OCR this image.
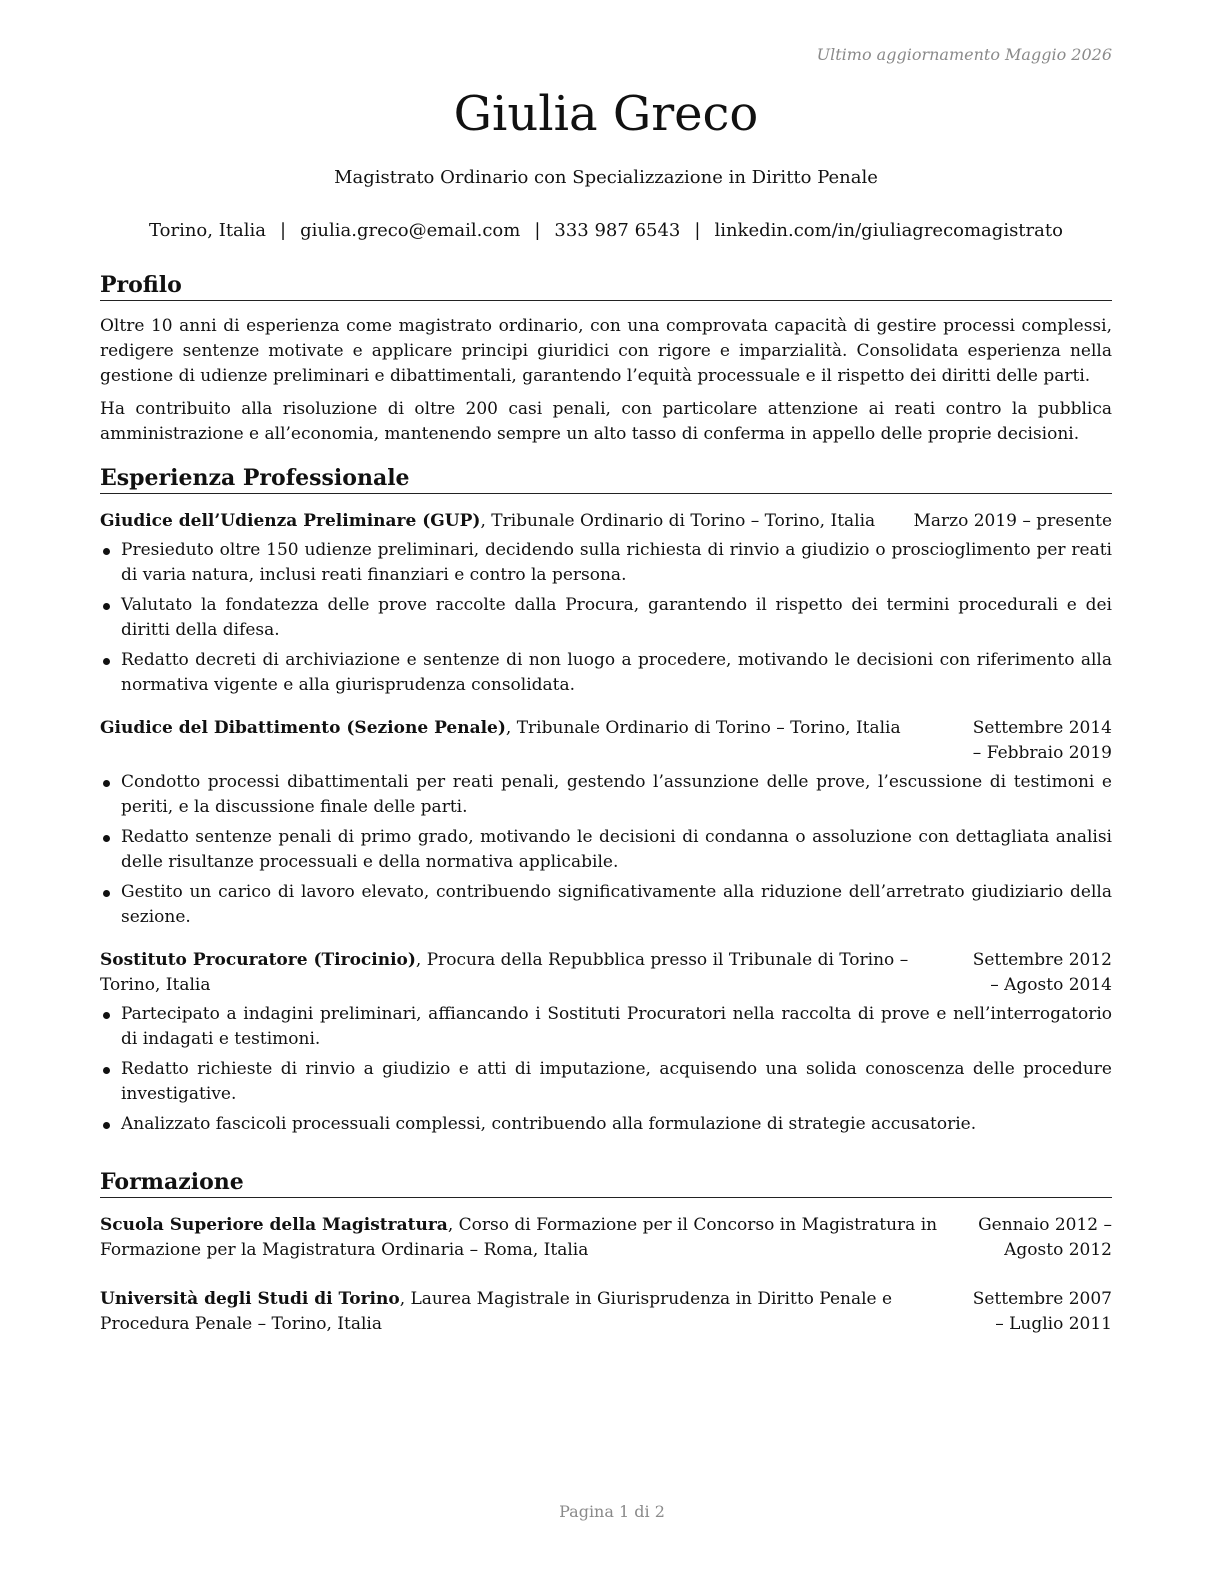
Ultimo aggiornamento Maggio 2026
Giulia Greco
Magistrato Ordinario con Specializzazione in Diritto Penale
Torino, Italia | giulia.greco@email.com | 333 987 6543 | linkedin.com/in/giuliagrecomagistrato
Profilo

Oltre 10 anni di esperienza come magistrato ordinario, con una comprovata capacità di gestire processi complessi, redigere sentenze motivate e applicare principi giuridici con rigore e imparzialità. Consolidata esperienza nella gestione di udienze preliminari e dibattimentali, garantendo l’equità processuale e il rispetto dei diritti delle parti.

Ha contribuito alla risoluzione di oltre 200 casi penali, con particolare attenzione ai reati contro la pubblica amministrazione e all’economia, mantenendo sempre un alto tasso di conferma in appello delle proprie decisioni.

Esperienza Professionale
Giudice dell’Udienza Preliminare (GUP), Tribunale Ordinario di Torino – Torino, Italia	Marzo 2019 – presente
Presieduto oltre 150 udienze preliminari, decidendo sulla richiesta di rinvio a giudizio o proscioglimento per reati di varia natura, inclusi reati finanziari e contro la persona.
Valutato la fondatezza delle prove raccolte dalla Procura, garantendo il rispetto dei termini procedurali e dei diritti della difesa.
Redatto decreti di archiviazione e sentenze di non luogo a procedere, motivando le decisioni con riferimento alla normativa vigente e alla giurisprudenza consolidata.
Giudice del Dibattimento (Sezione Penale), Tribunale Ordinario di Torino – Torino, Italia	Settembre 2014 – Febbraio 2019
Condotto processi dibattimentali per reati penali, gestendo l’assunzione delle prove, l’escussione di testimoni e periti, e la discussione finale delle parti.
Redatto sentenze penali di primo grado, motivando le decisioni di condanna o assoluzione con dettagliata analisi delle risultanze processuali e della normativa applicabile.
Gestito un carico di lavoro elevato, contribuendo significativamente alla riduzione dell’arretrato giudiziario della sezione.
Sostituto Procuratore (Tirocinio), Procura della Repubblica presso il Tribunale di Torino – Torino, Italia
Settembre 2012 – Agosto 2014
Partecipato a indagini preliminari, affiancando i Sostituti Procuratori nella raccolta di prove e nell’interrogatorio di indagati e testimoni.
Redatto richieste di rinvio a giudizio e atti di imputazione, acquisendo una solida conoscenza delle procedure investigative.
Analizzato fascicoli processuali complessi, contribuendo alla formulazione di strategie accusatorie.
Formazione
Scuola Superiore della Magistratura, Corso di Formazione per il Concorso in Magistratura in Formazione per la Magistratura Ordinaria – Roma, Italia
Gennaio 2012 – Agosto 2012
Università degli Studi di Torino, Laurea Magistrale in Giurisprudenza in Diritto Penale e Procedura Penale – Torino, Italia
Settembre 2007 – Luglio 2011
Pagina 1 di 2
